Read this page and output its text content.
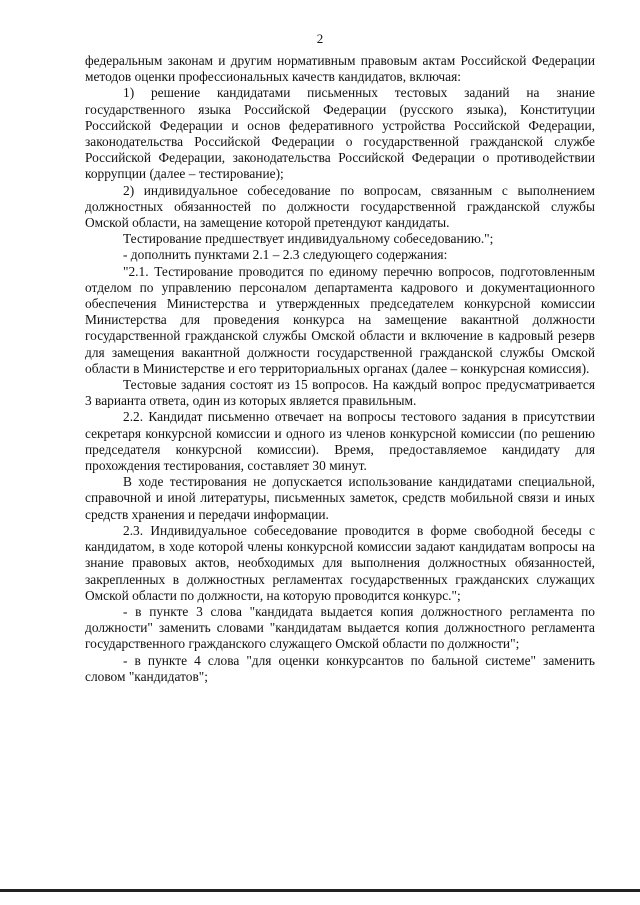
2

федеральным законам и другим нормативным правовым актам Российской Федерации методов оценки профессиональных качеств кандидатов, включая:

1) решение кандидатами письменных тестовых заданий на знание государственного языка Российской Федерации (русского языка), Конституции Российской Федерации и основ федеративного устройства Российской Федерации, законодательства Российской Федерации о государственной гражданской службе Российской Федерации, законодательства Российской Федерации о противодействии коррупции (далее – тестирование);

2) индивидуальное собеседование по вопросам, связанным с выполнением должностных обязанностей по должности государственной гражданской службы Омской области, на замещение которой претендуют кандидаты.

Тестирование предшествует индивидуальному собеседованию.";

- дополнить пунктами 2.1 – 2.3 следующего содержания:

"2.1. Тестирование проводится по единому перечню вопросов, подготовленным отделом по управлению персоналом департамента кадрового и документационного обеспечения Министерства и утвержденных председателем конкурсной комиссии Министерства для проведения конкурса на замещение вакантной должности государственной гражданской службы Омской области и включение в кадровый резерв для замещения вакантной должности государственной гражданской службы Омской области в Министерстве и его территориальных органах (далее – конкурсная комиссия).

Тестовые задания состоят из 15 вопросов. На каждый вопрос предусматривается 3 варианта ответа, один из которых является правильным.

2.2. Кандидат письменно отвечает на вопросы тестового задания в присутствии секретаря конкурсной комиссии и одного из членов конкурсной комиссии (по решению председателя конкурсной комиссии). Время, предоставляемое кандидату для прохождения тестирования, составляет 30 минут.

В ходе тестирования не допускается использование кандидатами специальной, справочной и иной литературы, письменных заметок, средств мобильной связи и иных средств хранения и передачи информации.

2.3. Индивидуальное собеседование проводится в форме свободной беседы с кандидатом, в ходе которой члены конкурсной комиссии задают кандидатам вопросы на знание правовых актов, необходимых для выполнения должностных обязанностей, закрепленных в должностных регламентах государственных гражданских служащих Омской области по должности, на которую проводится конкурс.";

- в пункте 3 слова "кандидата выдается копия должностного регламента по должности" заменить словами "кандидатам выдается копия должностного регламента государственного гражданского служащего Омской области по должности";

- в пункте 4 слова "для оценки конкурсантов по бальной системе" заменить словом "кандидатов";
